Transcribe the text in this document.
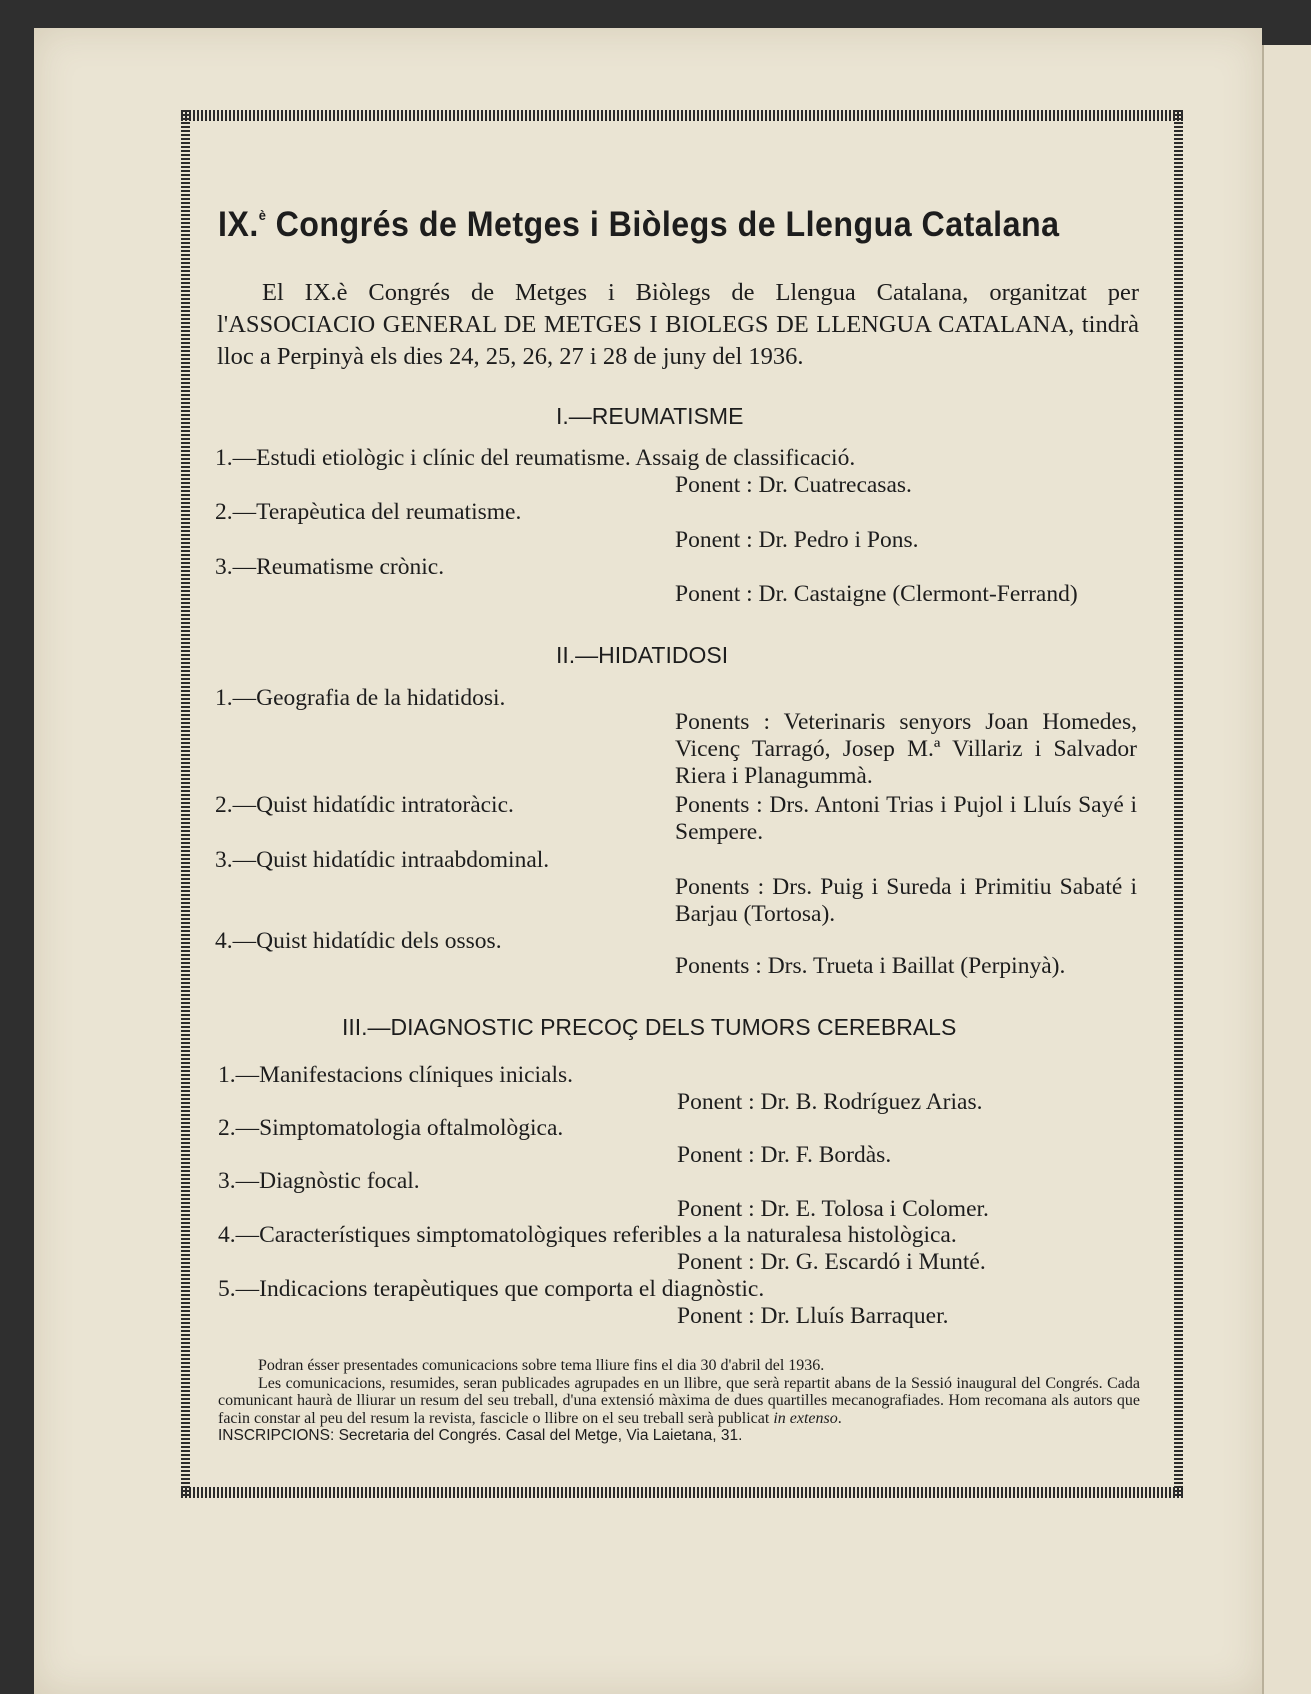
IX.$^è$ Congrés de Metges i Biòlegs de Llengua Catalana

El IX.è Congrés de Metges i Biòlegs de Llengua Catalana, organitzat per l'ASSOCIACIO GENERAL DE METGES I BIOLEGS DE LLENGUA CATALANA, tindrà lloc a Perpinyà els dies 24, 25, 26, 27 i 28 de juny del 1936.

I.—REUMATISME
1.—Estudi etiològic i clínic del reumatisme. Assaig de classificació.
Ponent : Dr. Cuatrecasas.
2.—Terapèutica del reumatisme.
Ponent : Dr. Pedro i Pons.
3.—Reumatisme crònic.
Ponent : Dr. Castaigne (Clermont-Ferrand)
II.—HIDATIDOSI
1.—Geografia de la hidatidosi.
Ponents : Veterinaris senyors Joan Homedes, Vicenç Tarragó, Josep M.ª Villariz i Salvador Riera i Planagummà.
2.—Quist hidatídic intratoràcic.	Ponents : Drs. Antoni Trias i Pujol i Lluís Sayé i Sempere.
3.—Quist hidatídic intraabdominal.
Ponents : Drs. Puig i Sureda i Primitiu Sabaté i Barjau (Tortosa).
4.—Quist hidatídic dels ossos.
Ponents : Drs. Trueta i Baillat (Perpinyà).
III.—DIAGNOSTIC PRECOÇ DELS TUMORS CEREBRALS
1.—Manifestacions clíniques inicials.
Ponent : Dr. B. Rodríguez Arias.
2.—Simptomatologia oftalmològica.
Ponent : Dr. F. Bordàs.
3.—Diagnòstic focal.
Ponent : Dr. E. Tolosa i Colomer.
4.—Característiques simptomatològiques referibles a la naturalesa histològica.
Ponent : Dr. G. Escardó i Munté.
5.—Indicacions terapèutiques que comporta el diagnòstic.
Ponent : Dr. Lluís Barraquer.

Podran ésser presentades comunicacions sobre tema lliure fins el dia 30 d'abril del 1936.

Les comunicacions, resumides, seran publicades agrupades en un llibre, que serà repartit abans de la Sessió inaugural del Congrés. Cada comunicant haurà de lliurar un resum del seu treball, d'una extensió màxima de dues quartilles mecanografiades. Hom recomana als autors que facin constar al peu del resum la revista, fascicle o llibre on el seu treball serà publicat in extenso.

INSCRIPCIONS: Secretaria del Congrés. Casal del Metge, Via Laietana, 31.
